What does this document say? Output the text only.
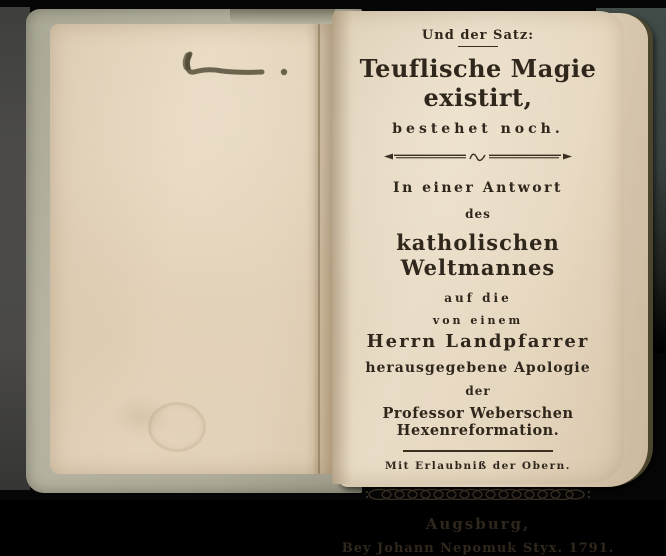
Und der Satz:
Teuflische Magie existirt,
bestehet noch.
In einer Antwort
des
katholischen Weltmannes
auf die
von einem
Herrn Landpfarrer
herausgegebene Apologie
der
Professor Weberschen Hexenreformation.
Mit Erlaubniß der Obern.
Augsburg,
Bey Johann Nepomuk Styx. 1791.
